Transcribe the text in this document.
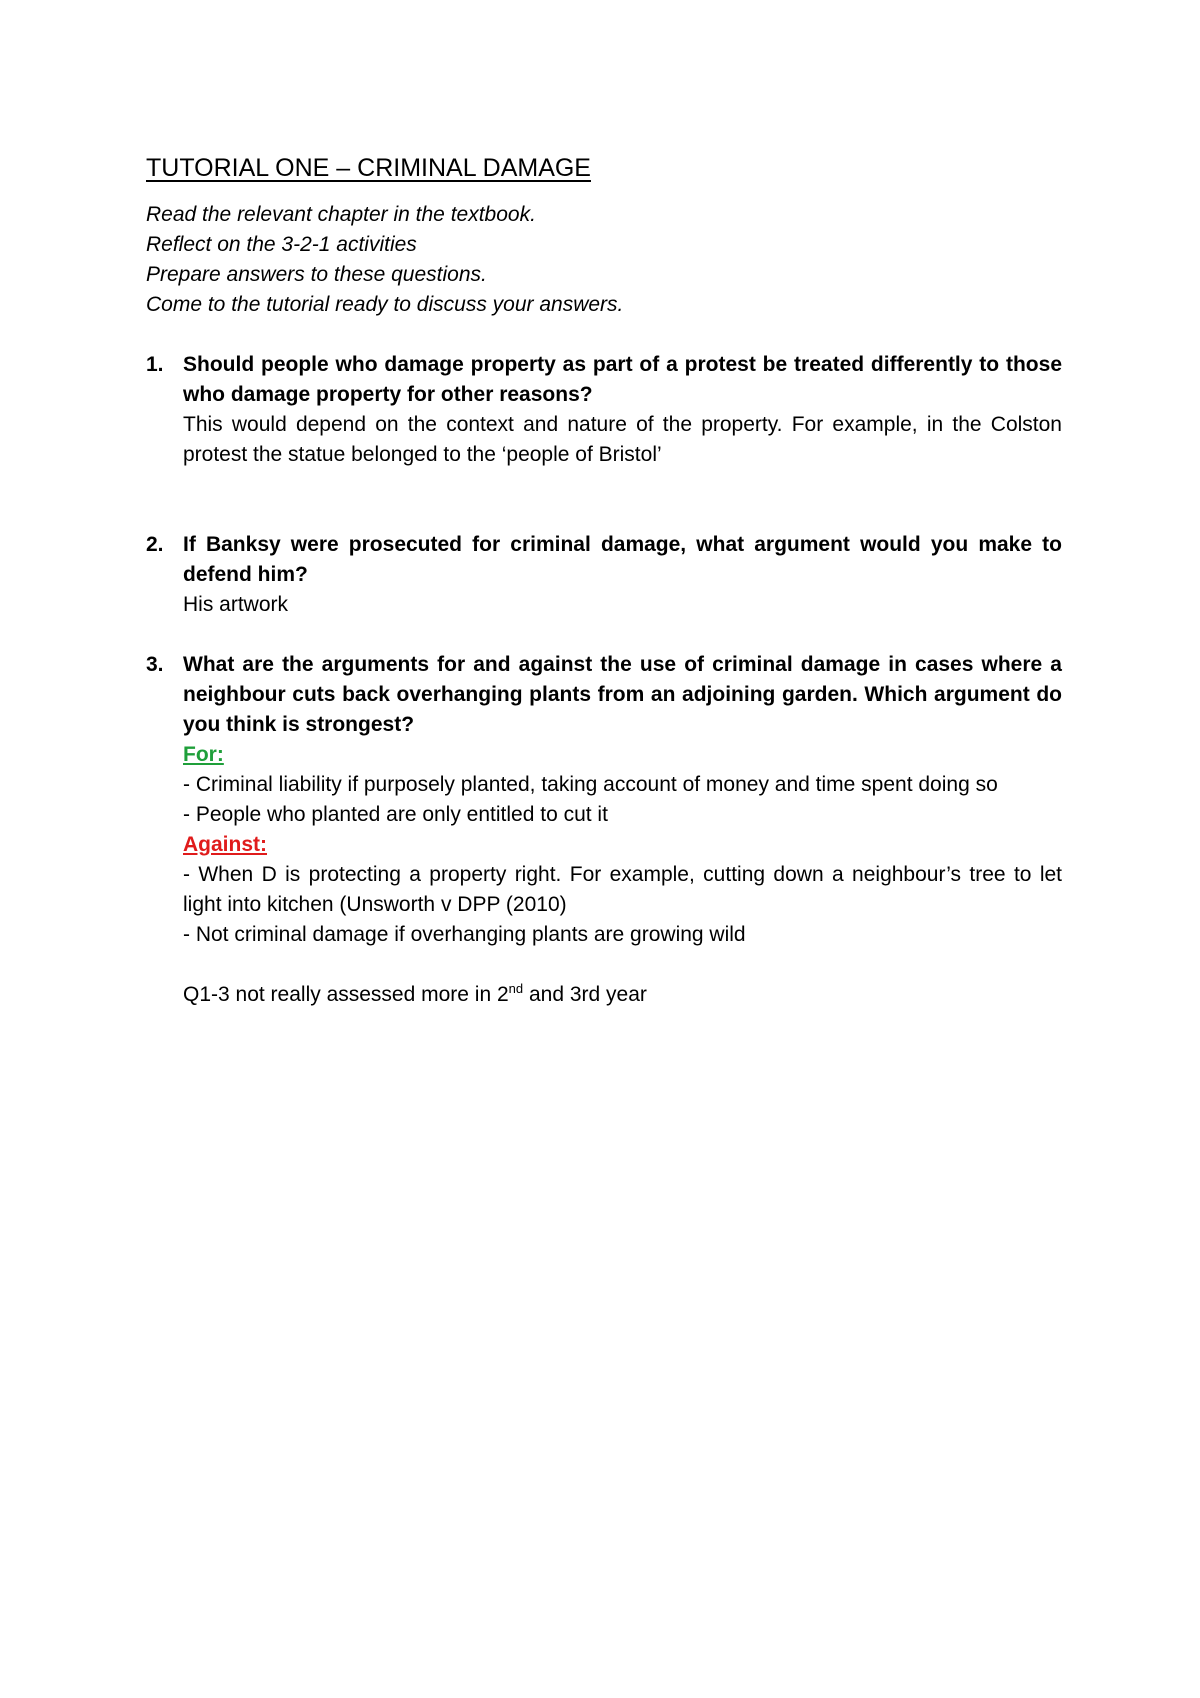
TUTORIAL ONE – CRIMINAL DAMAGE
Read the relevant chapter in the textbook.
Reflect on the 3-2-1 activities
Prepare answers to these questions.
Come to the tutorial ready to discuss your answers.
1. Should people who damage property as part of a protest be treated differently to those who damage property for other reasons?
This would depend on the context and nature of the property. For example, in the Colston protest the statue belonged to the ‘people of Bristol’
2. If Banksy were prosecuted for criminal damage, what argument would you make to defend him?
His artwork
3. What are the arguments for and against the use of criminal damage in cases where a neighbour cuts back overhanging plants from an adjoining garden. Which argument do you think is strongest?
For:
- Criminal liability if purposely planted, taking account of money and time spent doing so
- People who planted are only entitled to cut it
Against:
- When D is protecting a property right. For example, cutting down a neighbour’s tree to let light into kitchen (Unsworth v DPP (2010)
- Not criminal damage if overhanging plants are growing wild
Q1-3 not really assessed more in 2nd and 3rd year
